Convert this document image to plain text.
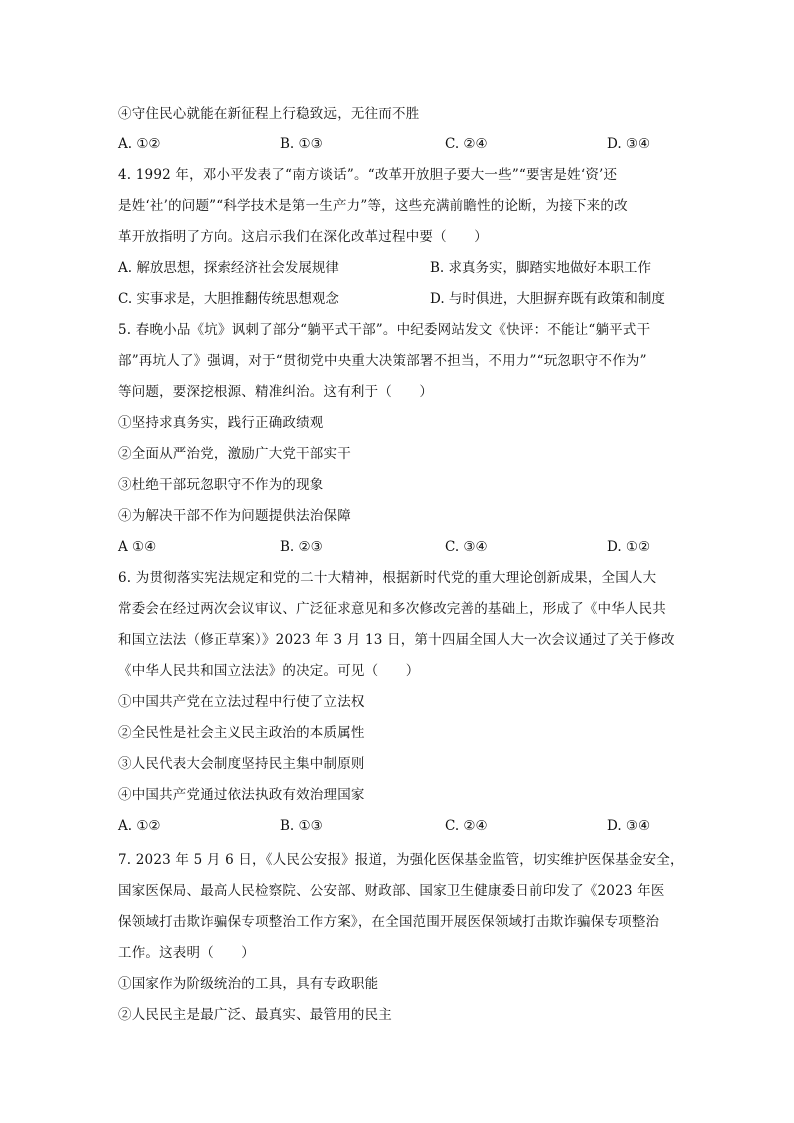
④守住民心就能在新征程上行稳致远，无往而不胜
A. ①②	B. ①③	C. ②④	D. ③④
4. 1992 年，邓小平发表了“南方谈话”。“改革开放胆子要大一些”“要害是姓‘资’还
是姓‘社’的问题”“科学技术是第一生产力”等，这些充满前瞻性的论断，为接下来的改
革开放指明了方向。这启示我们在深化改革过程中要（　　）
A. 解放思想，探索经济社会发展规律	B. 求真务实，脚踏实地做好本职工作
C. 实事求是，大胆推翻传统思想观念	D. 与时俱进，大胆摒弃既有政策和制度
5. 春晚小品《坑》讽刺了部分“躺平式干部”。中纪委网站发文《快评：不能让“躺平式干
部”再坑人了》强调，对于“贯彻党中央重大决策部署不担当，不用力”“玩忽职守不作为”
等问题，要深挖根源、精准纠治。这有利于（　　）
①坚持求真务实，践行正确政绩观
②全面从严治党，激励广大党干部实干
③杜绝干部玩忽职守不作为的现象
④为解决干部不作为问题提供法治保障
A ①④	B. ②③	C. ③④	D. ①②
6. 为贯彻落实宪法规定和党的二十大精神，根据新时代党的重大理论创新成果，全国人大
常委会在经过两次会议审议、广泛征求意见和多次修改完善的基础上，形成了《中华人民共
和国立法法（修正草案）》2023 年 3 月 13 日，第十四届全国人大一次会议通过了关于修改
《中华人民共和国立法法》的决定。可见（　　）
①中国共产党在立法过程中行使了立法权
②全民性是社会主义民主政治的本质属性
③人民代表大会制度坚持民主集中制原则
④中国共产党通过依法执政有效治理国家
A. ①②	B. ①③	C. ②④	D. ③④
7. 2023 年 5 月 6 日，《人民公安报》报道，为强化医保基金监管，切实维护医保基金安全，
国家医保局、最高人民检察院、公安部、财政部、国家卫生健康委日前印发了《2023 年医
保领域打击欺诈骗保专项整治工作方案》，在全国范围开展医保领域打击欺诈骗保专项整治
工作。这表明（　　）
①国家作为阶级统治的工具，具有专政职能
②人民民主是最广泛、最真实、最管用的民主
